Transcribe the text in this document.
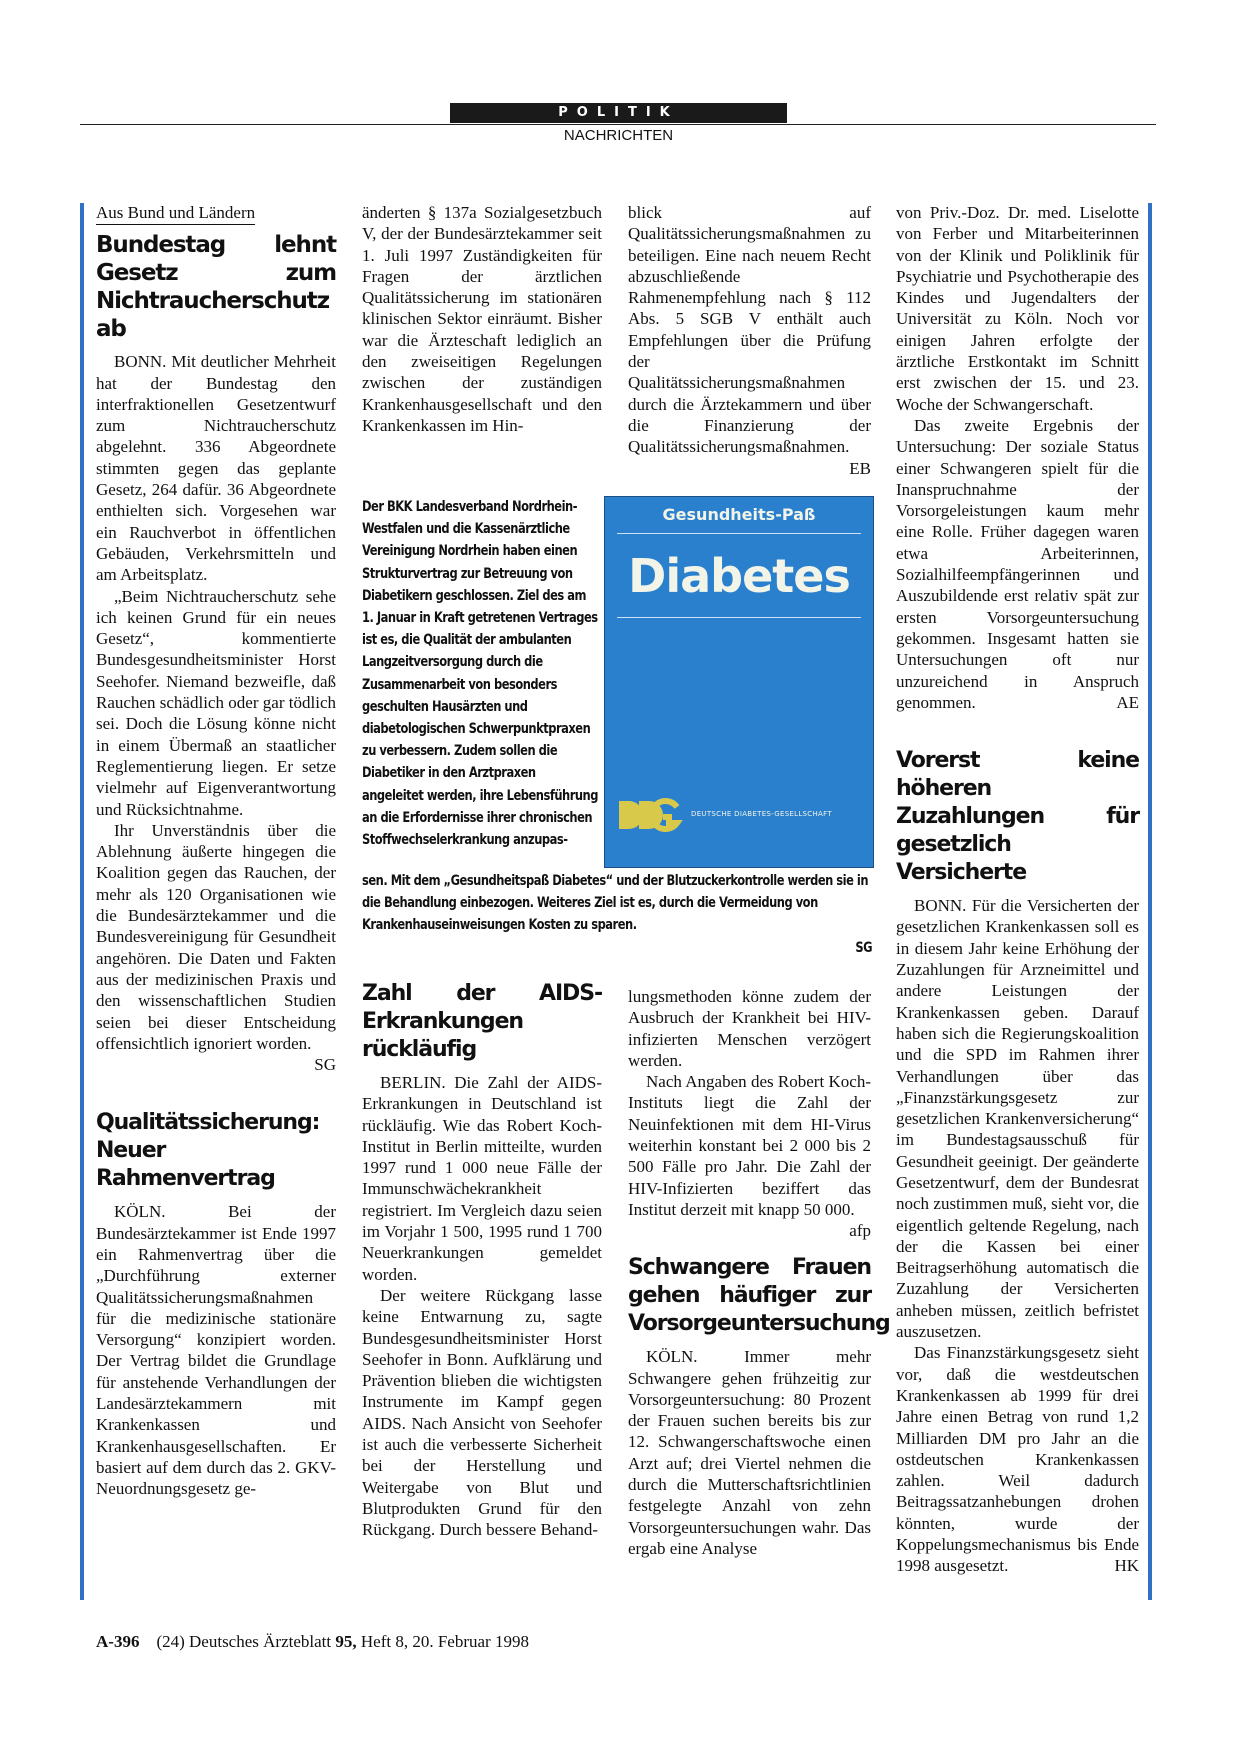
POLITIK
NACHRICHTEN
Aus Bund und Ländern
Bundestag lehnt Gesetz zum Nichtraucherschutz ab

BONN. Mit deutlicher Mehrheit hat der Bundestag den interfraktionellen Gesetzentwurf zum Nichtraucherschutz abgelehnt. 336 Abgeordnete stimmten gegen das geplante Gesetz, 264 dafür. 36 Abgeordnete enthielten sich. Vorgesehen war ein Rauchverbot in öffentlichen Gebäuden, Verkehrsmitteln und am Arbeitsplatz.

„Beim Nichtraucherschutz sehe ich keinen Grund für ein neues Gesetz“, kommentierte Bundesgesundheitsminister Horst Seehofer. Niemand bezweifle, daß Rauchen schädlich oder gar tödlich sei. Doch die Lösung könne nicht in einem Übermaß an staatlicher Reglementierung liegen. Er setze vielmehr auf Eigenverantwortung und Rücksichtnahme.

Ihr Unverständnis über die Ablehnung äußerte hingegen die Koalition gegen das Rauchen, der mehr als 120 Organisationen wie die Bundesärztekammer und die Bundesvereinigung für Gesundheit angehören. Die Daten und Fakten aus der medizinischen Praxis und den wissenschaftlichen Studien seien bei dieser Entscheidung offensichtlich ignoriert worden.

SG

Qualitätssicherung: Neuer Rahmenvertrag

KÖLN. Bei der Bundesärztekammer ist Ende 1997 ein Rahmenvertrag über die „Durchführung externer Qualitätssicherungsmaßnahmen für die medizinische stationäre Versorgung“ konzipiert worden. Der Vertrag bildet die Grundlage für anstehende Verhandlungen der Landesärztekammern mit Krankenkassen und Krankenhausgesellschaften. Er basiert auf dem durch das 2. GKV-Neuordnungsgesetz ge-

änderten § 137a Sozialgesetzbuch V, der der Bundesärztekammer seit 1. Juli 1997 Zuständigkeiten für Fragen der ärztlichen Qualitätssicherung im stationären klinischen Sektor einräumt. Bisher war die Ärzteschaft lediglich an den zweiseitigen Regelungen zwischen der zuständigen Krankenhausgesellschaft und den Krankenkassen im Hin-

blick auf Qualitätssicherungsmaßnahmen zu beteiligen. Eine nach neuem Recht abzuschließende Rahmenempfehlung nach § 112 Abs. 5 SGB V enthält auch Empfehlungen über die Prüfung der Qualitätssicherungsmaßnahmen durch die Ärztekammern und über die Finanzierung der Qualitätssicherungsmaßnahmen.

EB

Der BKK Landesverband Nordrhein-Westfalen und die Kassenärztliche Vereinigung Nordrhein haben einen Strukturvertrag zur Betreuung von Diabetikern geschlossen. Ziel des am 1. Januar in Kraft getretenen Vertrages ist es, die Qualität der ambulanten Langzeitversorgung durch die Zusammenarbeit von besonders geschulten Hausärzten und diabetologischen Schwerpunktpraxen zu verbessern. Zudem sollen die Diabetiker in den Arztpraxen angeleitet werden, ihre Lebensführung an die Erfordernisse ihrer chronischen Stoffwechselerkrankung anzupas-
Gesundheits-Paß
Diabetes
DEUTSCHE DIABETES-GESELLSCHAFT
sen. Mit dem „Gesundheitspaß Diabetes“ und der Blutzuckerkontrolle werden sie in die Behandlung einbezogen. Weiteres Ziel ist es, durch die Vermeidung von Krankenhauseinweisungen Kosten zu sparen.
SG
Zahl der AIDS-Erkrankungen rückläufig

BERLIN. Die Zahl der AIDS-Erkrankungen in Deutschland ist rückläufig. Wie das Robert Koch-Institut in Berlin mitteilte, wurden 1997 rund 1 000 neue Fälle der Immunschwächekrankheit registriert. Im Vergleich dazu seien im Vorjahr 1 500, 1995 rund 1 700 Neuerkrankungen gemeldet worden.

Der weitere Rückgang lasse keine Entwarnung zu, sagte Bundesgesundheitsminister Horst Seehofer in Bonn. Aufklärung und Prävention blieben die wichtigsten Instrumente im Kampf gegen AIDS. Nach Ansicht von Seehofer ist auch die verbesserte Sicherheit bei der Herstellung und Weitergabe von Blut und Blutprodukten Grund für den Rückgang. Durch bessere Behand-

lungsmethoden könne zudem der Ausbruch der Krankheit bei HIV-infizierten Menschen verzögert werden.

Nach Angaben des Robert Koch-Instituts liegt die Zahl der Neuinfektionen mit dem HI-Virus weiterhin konstant bei 2 000 bis 2 500 Fälle pro Jahr. Die Zahl der HIV-Infizierten beziffert das Institut derzeit mit knapp 50 000.
afp

Schwangere Frauen gehen häufiger zur Vorsorgeuntersuchung

KÖLN. Immer mehr Schwangere gehen frühzeitig zur Vorsorgeuntersuchung: 80 Prozent der Frauen suchen bereits bis zur 12. Schwangerschaftswoche einen Arzt auf; drei Viertel nehmen die durch die Mutterschaftsrichtlinien festgelegte Anzahl von zehn Vorsorgeuntersuchungen wahr. Das ergab eine Analyse

von Priv.-Doz. Dr. med. Liselotte von Ferber und Mitarbeiterinnen von der Klinik und Poliklinik für Psychiatrie und Psychotherapie des Kindes und Jugendalters der Universität zu Köln. Noch vor einigen Jahren erfolgte der ärztliche Erstkontakt im Schnitt erst zwischen der 15. und 23. Woche der Schwangerschaft.

Das zweite Ergebnis der Untersuchung: Der soziale Status einer Schwangeren spielt für die Inanspruchnahme der Vorsorgeleistungen kaum mehr eine Rolle. Früher dagegen waren etwa Arbeiterinnen, Sozialhilfeempfängerinnen und Auszubildende erst relativ spät zur ersten Vorsorgeuntersuchung gekommen. Insgesamt hatten sie Untersuchungen oft nur unzureichend in Anspruch genommen.	AE

Vorerst keine höheren Zuzahlungen für gesetzlich Versicherte

BONN. Für die Versicherten der gesetzlichen Krankenkassen soll es in diesem Jahr keine Erhöhung der Zuzahlungen für Arzneimittel und andere Leistungen der Krankenkassen geben. Darauf haben sich die Regierungskoalition und die SPD im Rahmen ihrer Verhandlungen über das „Finanzstärkungsgesetz zur gesetzlichen Krankenversicherung“ im Bundestagsausschuß für Gesundheit geeinigt. Der geänderte Gesetzentwurf, dem der Bundesrat noch zustimmen muß, sieht vor, die eigentlich geltende Regelung, nach der die Kassen bei einer Beitragserhöhung automatisch die Zuzahlung der Versicherten anheben müssen, zeitlich befristet auszusetzen.

Das Finanzstärkungsgesetz sieht vor, daß die westdeutschen Krankenkassen ab 1999 für drei Jahre einen Betrag von rund 1,2 Milliarden DM pro Jahr an die ostdeutschen Krankenkassen zahlen. Weil dadurch Beitragssatzanhebungen drohen könnten, wurde der Koppelungsmechanismus bis Ende 1998 ausgesetzt.	HK

A-396 (24) Deutsches Ärzteblatt 95, Heft 8, 20. Februar 1998
